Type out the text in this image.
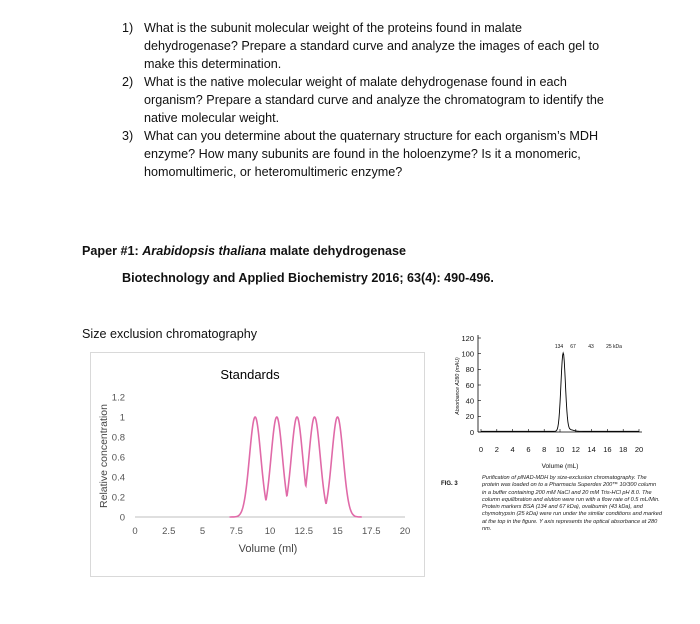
1) What is the subunit molecular weight of the proteins found in malate dehydrogenase? Prepare a standard curve and analyze the images of each gel to make this determination.
2) What is the native molecular weight of malate dehydrogenase found in each organism? Prepare a standard curve and analyze the chromatogram to identify the native molecular weight.
3) What can you determine about the quaternary structure for each organism’s MDH enzyme? How many subunits are found in the holoenzyme? Is it a monomeric, homomultimeric, or heteromultimeric enzyme?
Paper #1: Arabidopsis thaliana malate dehydrogenase
Biotechnology and Applied Biochemistry 2016; 63(4): 490-496.
Size exclusion chromatography
Standards
0
0.2
0.4
0.6
0.8
1
1.2
0	2.5	5	7.5 10 12.5 15 17.5 20
Volume (ml)
Relative concentration	0
20
40
60
80
100
120
0 2 4 6 8 10 12 14 16 18 20
134 67 43 25 kDa
Volume (mL)
Absorbance A280 (mAU)
FIG. 3
Purification of plNAD-MDH by size-exclusion chromatography. The protein was loaded on to a Pharmacia Superdex 200™ 10/300 column in a buffer containing 200 mM NaCl and 20 mM Tris-HCl pH 8.0. The column equilibration and elution were run with a flow rate of 0.5 mL/Min. Protein markers BSA (134 and 67 kDa), ovalbumin (43 kDa), and chymotrypsin (25 kDa) were run under the similar conditions and marked at the top in the figure. Y axis represents the optical absorbance at 280 nm.
